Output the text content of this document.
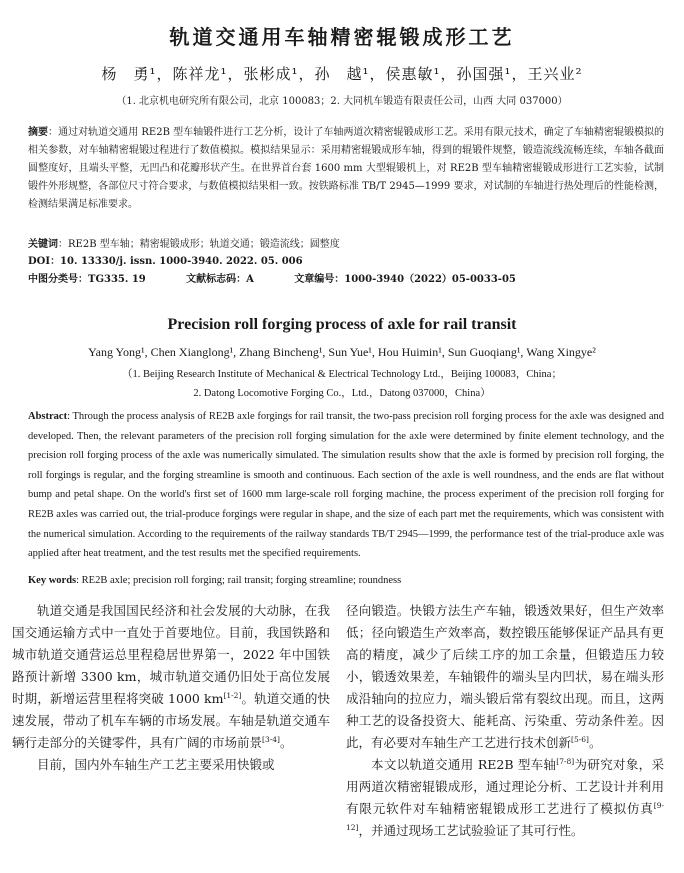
轨道交通用车轴精密辊锻成形工艺
杨　勇¹，陈祥龙¹，张彬成¹，孙　越¹，侯惠敏¹，孙国强¹，王兴业²
（1. 北京机电研究所有限公司，北京 100083；2. 大同机车锻造有限责任公司，山西 大同 037000）
摘要：通过对轨道交通用 RE2B 型车轴锻件进行工艺分析，设计了车轴两道次精密辊锻成形工艺。采用有限元技术，确定了车轴精密辊锻模拟的相关参数，对车轴精密辊锻过程进行了数值模拟。模拟结果显示：采用精密辊锻成形车轴，得到的辊锻件规整，锻造流线流畅连续，车轴各截面圆整度好，且端头平整，无凹凸和花瓣形状产生。在世界首台套 1600 mm 大型辊锻机上，对 RE2B 型车轴精密辊锻成形进行工艺实验，试制锻件外形规整，各部位尺寸符合要求，与数值模拟结果相一致。按铁路标准 TB/T 2945—1999 要求，对试制的车轴进行热处理后的性能检测，检测结果满足标准要求。
关键词：RE2B 型车轴；精密辊锻成形；轨道交通；锻造流线；圆整度
DOI：10. 13330/j. issn. 1000-3940. 2022. 05. 006
中图分类号：TG335. 19	文献标志码：A	文章编号：1000-3940（2022）05-0033-05
Precision roll forging process of axle for rail transit
Yang Yong¹, Chen Xianglong¹, Zhang Bincheng¹, Sun Yue¹, Hou Huimin¹, Sun Guoqiang¹, Wang Xingye²
（1. Beijing Research Institute of Mechanical & Electrical Technology Ltd.，Beijing 100083，China；
2. Datong Locomotive Forging Co.，Ltd.，Datong 037000，China）
Abstract: Through the process analysis of RE2B axle forgings for rail transit, the two-pass precision roll forging process for the axle was designed and developed. Then, the relevant parameters of the precision roll forging simulation for the axle were determined by finite element technology, and the precision roll forging process of the axle was numerically simulated. The simulation results show that the axle is formed by precision roll forging, the roll forgings is regular, and the forging streamline is smooth and continuous. Each section of the axle is well roundness, and the ends are flat without bump and petal shape. On the world's first set of 1600 mm large-scale roll forging machine, the process experiment of the precision roll forging for RE2B axles was carried out, the trial-produce forgings were regular in shape, and the size of each part met the requirements, which was consistent with the numerical simulation. According to the requirements of the railway standards TB/T 2945—1999, the performance test of the trial-produce axle was applied after heat treatment, and the test results met the specified requirements.
Key words: RE2B axle; precision roll forging; rail transit; forging streamline; roundness

轨道交通是我国国民经济和社会发展的大动脉，在我国交通运输方式中一直处于首要地位。目前，我国铁路和城市轨道交通营运总里程稳居世界第一，2022 年中国铁路预计新增 3300 km，城市轨道交通仍旧处于高位发展时期，新增运营里程将突破 1000 km[1-2]。轨道交通的快速发展，带动了机车车辆的市场发展。车轴是轨道交通车辆行走部分的关键零件，具有广阔的市场前景[3-4]。

目前，国内外车轴生产工艺主要采用快锻或

径向锻造。快锻方法生产车轴，锻透效果好，但生产效率低；径向锻造生产效率高，数控锻压能够保证产品具有更高的精度，减少了后续工序的加工余量，但锻造压力较小，锻透效果差，车轴锻件的端头呈内凹状，易在端头形成沿轴向的拉应力，端头锻后常有裂纹出现。而且，这两种工艺的设备投资大、能耗高、污染重、劳动条件差。因此，有必要对车轴生产工艺进行技术创新[5-6]。

本文以轨道交通用 RE2B 型车轴[7-8]为研究对象，采用两道次精密辊锻成形，通过理论分析、工艺设计并利用有限元软件对车轴精密辊锻成形工艺进行了模拟仿真[9-12]，并通过现场工艺试验验证了其可行性。
